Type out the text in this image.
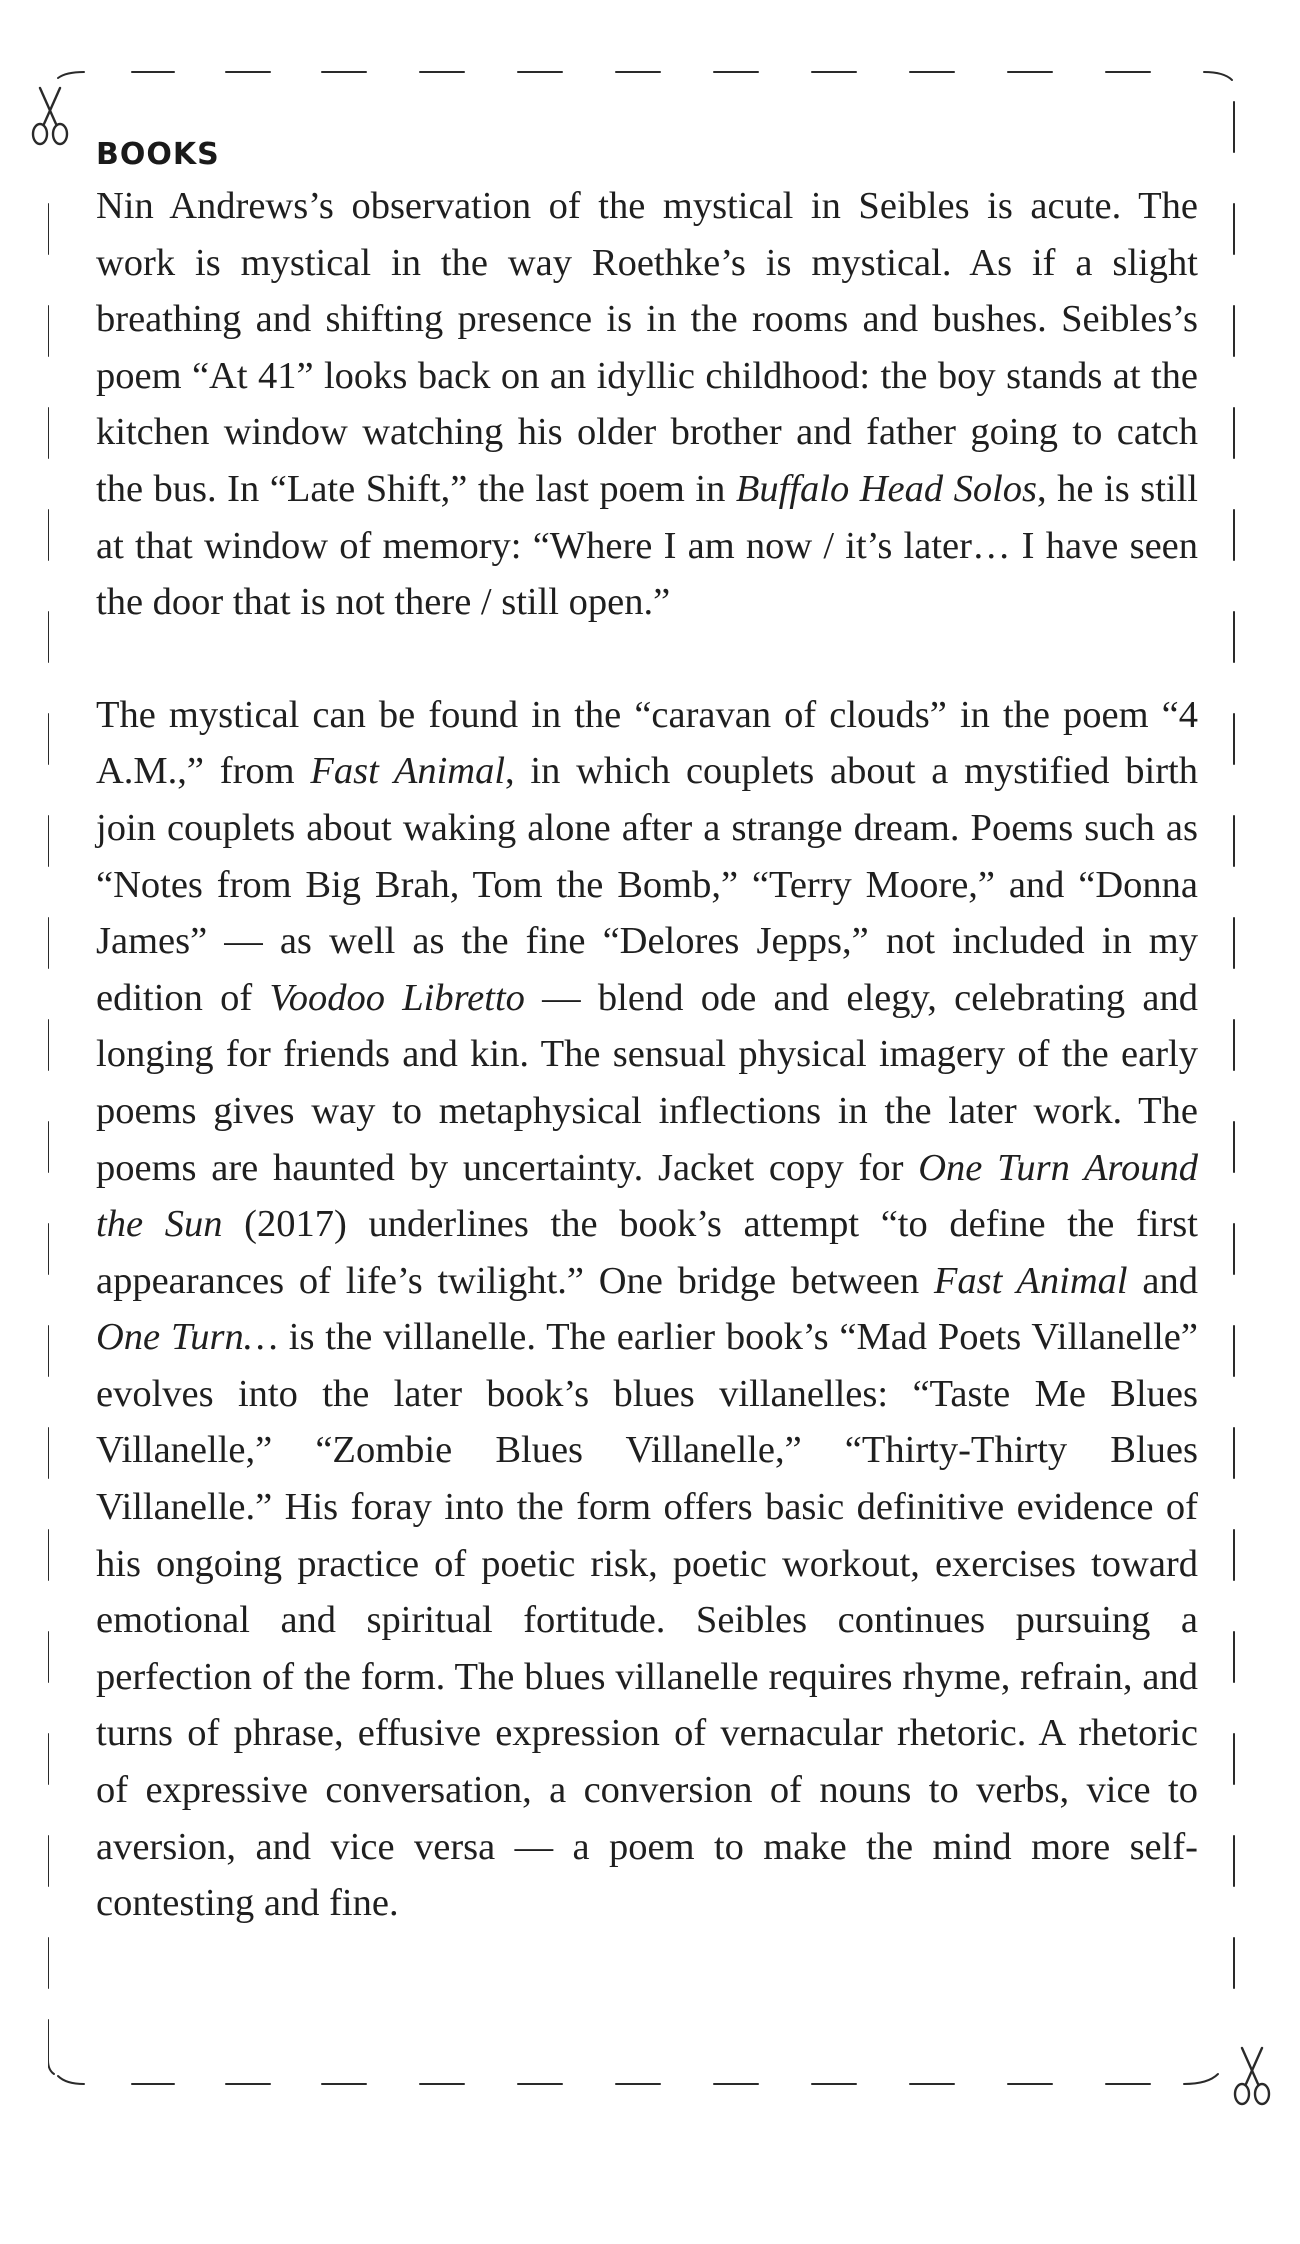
BOOKS

Nin Andrews’s observation of the mystical in Seibles is acute. The work is mystical in the way Roethke’s is mystical. As if a slight breathing and shifting presence is in the rooms and bushes. Seibles’s poem “At 41” looks back on an idyllic childhood: the boy stands at the kitchen window watching his older brother and father going to catch the bus. In “Late Shift,” the last poem in Buffalo Head Solos, he is still at that window of memory: “Where I am now / it’s later… I have seen the door that is not there / still open.”

The mystical can be found in the “caravan of clouds” in the poem “4 A.M.,” from Fast Animal, in which couplets about a mystified birth join couplets about waking alone after a strange dream. Poems such as “Notes from Big Brah, Tom the Bomb,” “Terry Moore,” and “Donna James” — as well as the fine “Delores Jepps,” not included in my edition of Voodoo Libretto — blend ode and elegy, celebrating and longing for friends and kin. The sensual physical imagery of the early poems gives way to metaphysical inflections in the later work. The poems are haunted by uncertainty. Jacket copy for One Turn Around the Sun (2017) underlines the book’s attempt “to define the first appearances of life’s twilight.” One bridge between Fast Animal and One Turn… is the villanelle. The earlier book’s “Mad Poets Villanelle” evolves into the later book’s blues villanelles: “Taste Me Blues Villanelle,” “Zombie Blues Villanelle,” “Thirty-Thirty Blues Villanelle.” His foray into the form offers basic definitive evidence of his ongoing practice of poetic risk, poetic workout, exercises toward emotional and spiritual fortitude. Seibles continues pursuing a perfection of the form. The blues villanelle requires rhyme, refrain, and turns of phrase, effusive expression of vernacular rhetoric. A rhetoric of expressive conversation, a conversion of nouns to verbs, vice to aversion, and vice versa — a poem to make the mind more self-contesting and fine.
